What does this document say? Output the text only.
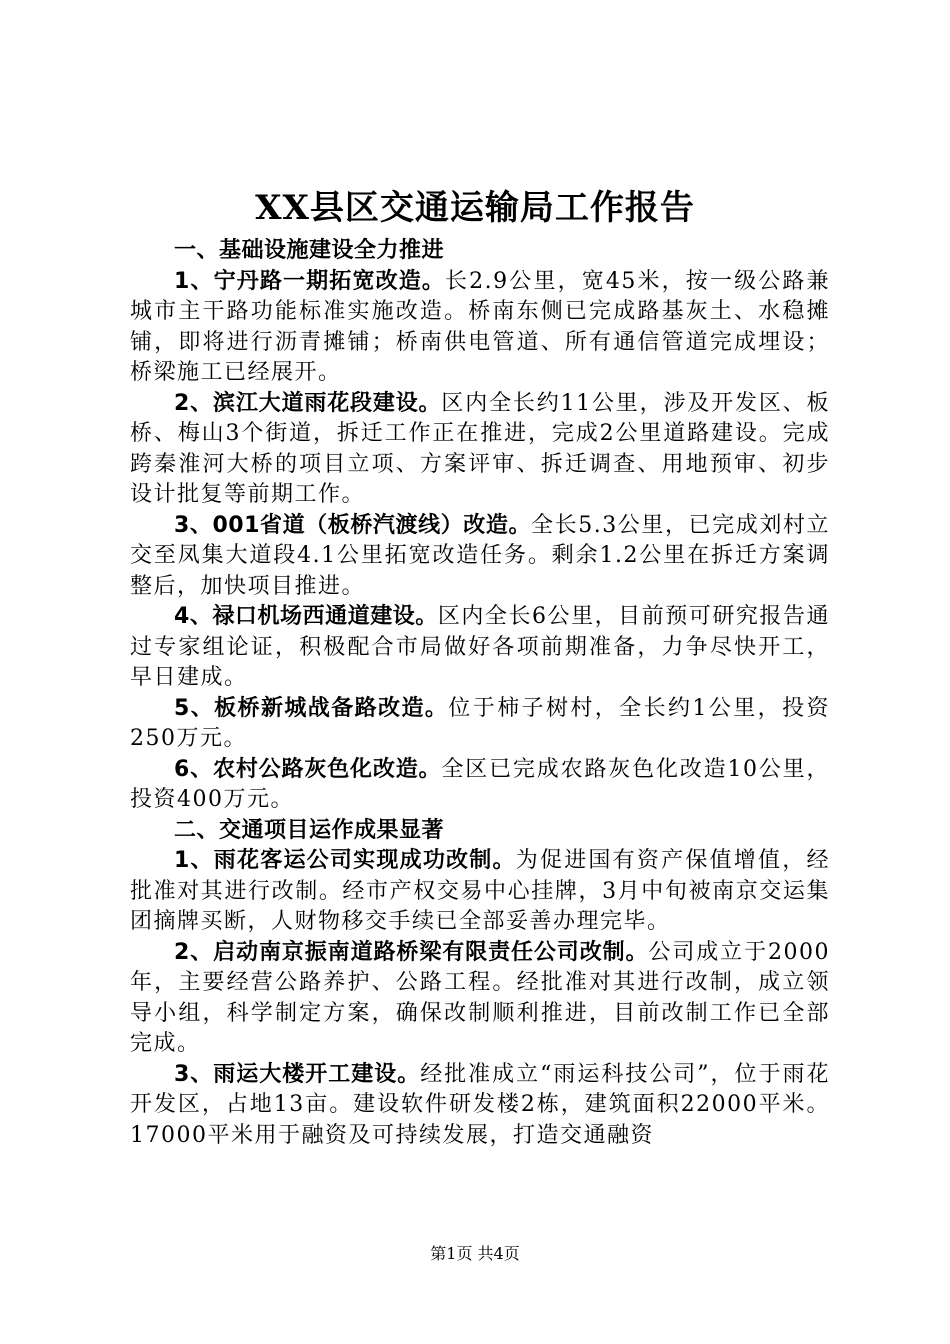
XX县区交通运输局工作报告

一、基础设施建设全力推进

1、宁丹路一期拓宽改造。长2.9公里，宽45米，按一级公路兼城市主干路功能标准实施改造。桥南东侧已完成路基灰土、水稳摊铺，即将进行沥青摊铺；桥南供电管道、所有通信管道完成埋设；桥梁施工已经展开。

2、滨江大道雨花段建设。区内全长约11公里，涉及开发区、板桥、梅山3个街道，拆迁工作正在推进，完成2公里道路建设。完成跨秦淮河大桥的项目立项、方案评审、拆迁调查、用地预审、初步设计批复等前期工作。

3、001省道（板桥汽渡线）改造。全长5.3公里，已完成刘村立交至凤集大道段4.1公里拓宽改造任务。剩余1.2公里在拆迁方案调整后，加快项目推进。

4、禄口机场西通道建设。区内全长6公里，目前预可研究报告通过专家组论证，积极配合市局做好各项前期准备，力争尽快开工，早日建成。

5、板桥新城战备路改造。位于柿子树村，全长约1公里，投资250万元。

6、农村公路灰色化改造。全区已完成农路灰色化改造10公里，投资400万元。

二、交通项目运作成果显著

1、雨花客运公司实现成功改制。为促进国有资产保值增值，经批准对其进行改制。经市产权交易中心挂牌，3月中旬被南京交运集团摘牌买断，人财物移交手续已全部妥善办理完毕。

2、启动南京振南道路桥梁有限责任公司改制。公司成立于2000年，主要经营公路养护、公路工程。经批准对其进行改制，成立领导小组，科学制定方案，确保改制顺利推进，目前改制工作已全部完成。

3、雨运大楼开工建设。经批准成立“雨运科技公司”，位于雨花开发区，占地13亩。建设软件研发楼2栋，建筑面积22000平米。17000平米用于融资及可持续发展，打造交通融资

第1页 共4页
